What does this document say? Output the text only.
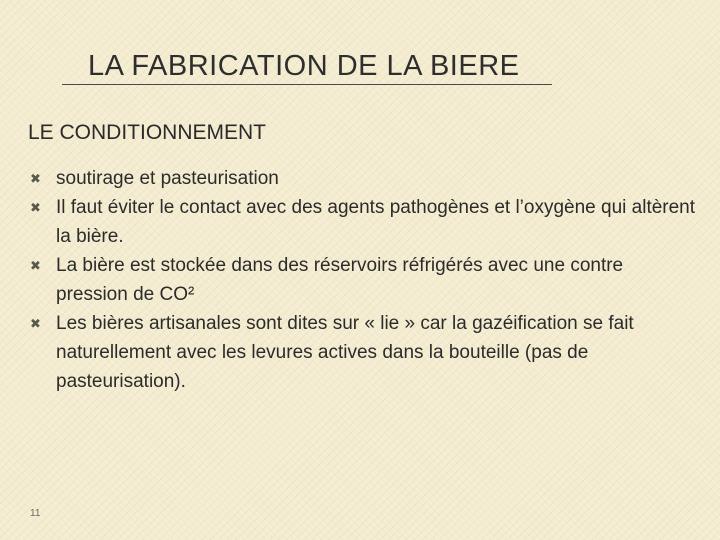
LA FABRICATION DE LA BIERE
LE CONDITIONNEMENT
✖ soutirage et pasteurisation
✖ Il faut éviter le contact avec des agents pathogènes et l’oxygène qui altèrent la bière.
✖ La bière est stockée dans des réservoirs réfrigérés avec une contre pression de CO²
✖ Les bières artisanales sont dites sur « lie » car la gazéification se fait naturellement avec les levures actives dans la bouteille (pas de pasteurisation).
11
